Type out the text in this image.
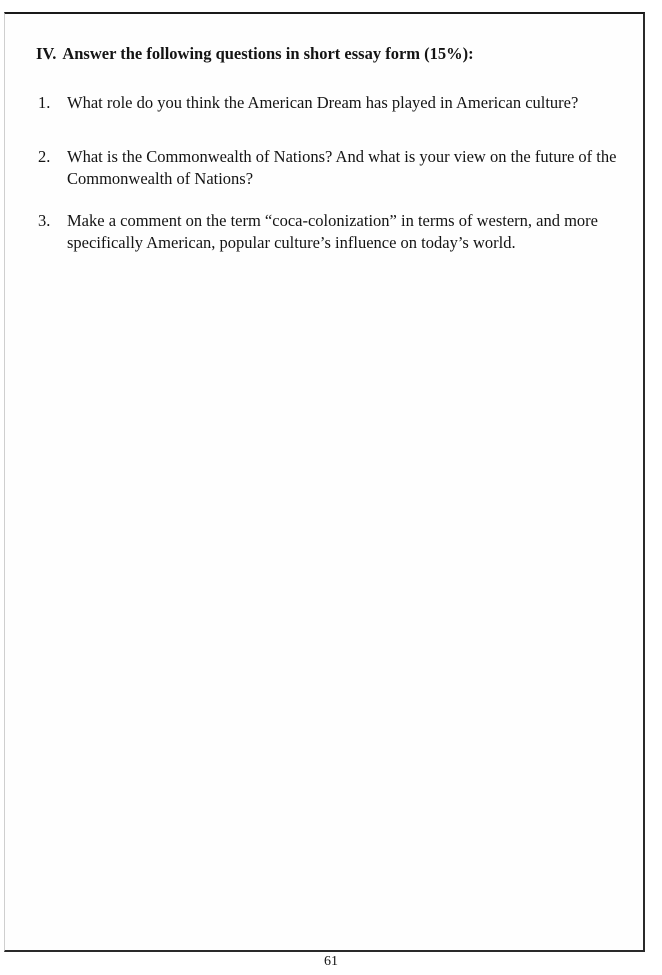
IV. Answer the following questions in short essay form (15%):
1. What role do you think the American Dream has played in American culture?
2. What is the Commonwealth of Nations? And what is your view on the future of the Commonwealth of Nations?
3. Make a comment on the term “coca-colonization” in terms of western, and more specifically American, popular culture’s influence on today’s world.
61
